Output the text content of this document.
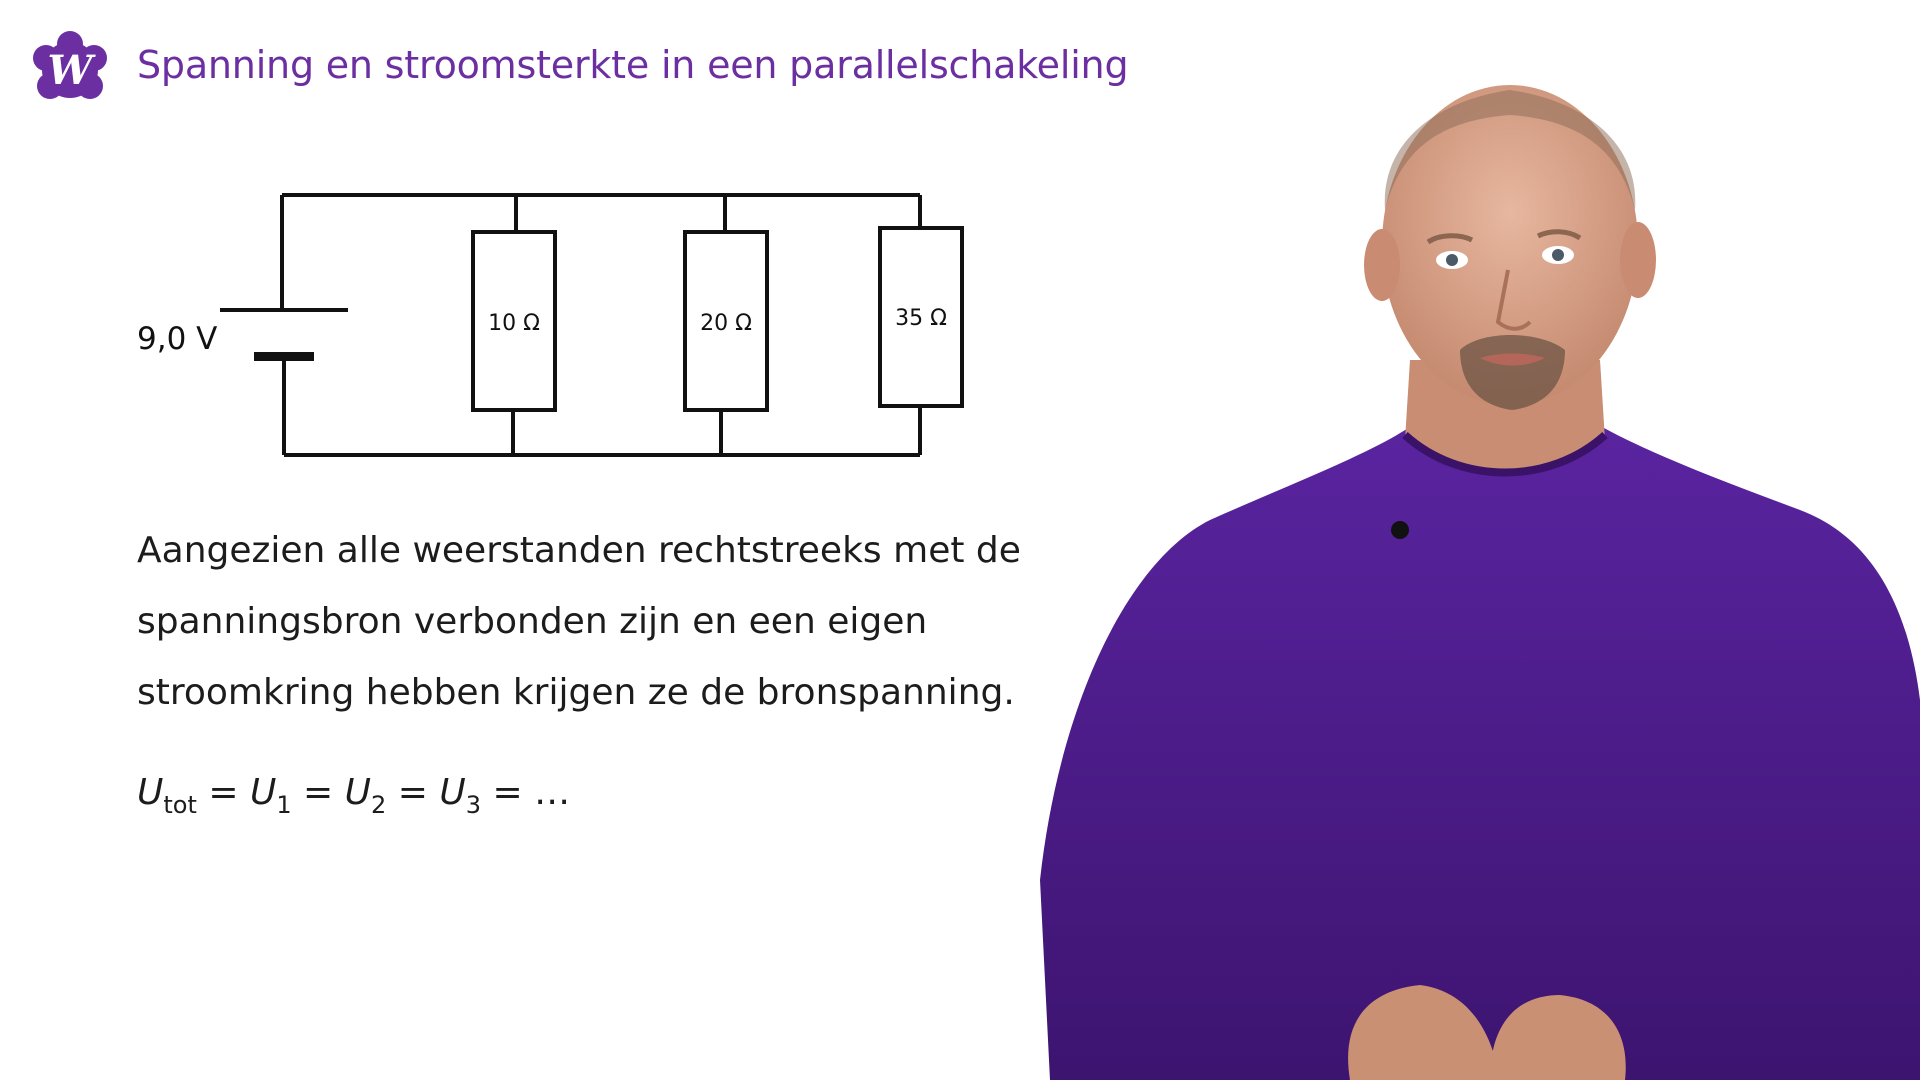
W Spanning en stroomsterkte in een parallelschakeling
9,0 V	10 Ω	20 Ω	35 Ω
Aangezien alle weerstanden rechtstreeks met de
spanningsbron verbonden zijn en een eigen
stroomkring hebben krijgen ze de bronspanning.
$U_{tot} = U_1 = U_2 = U_3$ = …
